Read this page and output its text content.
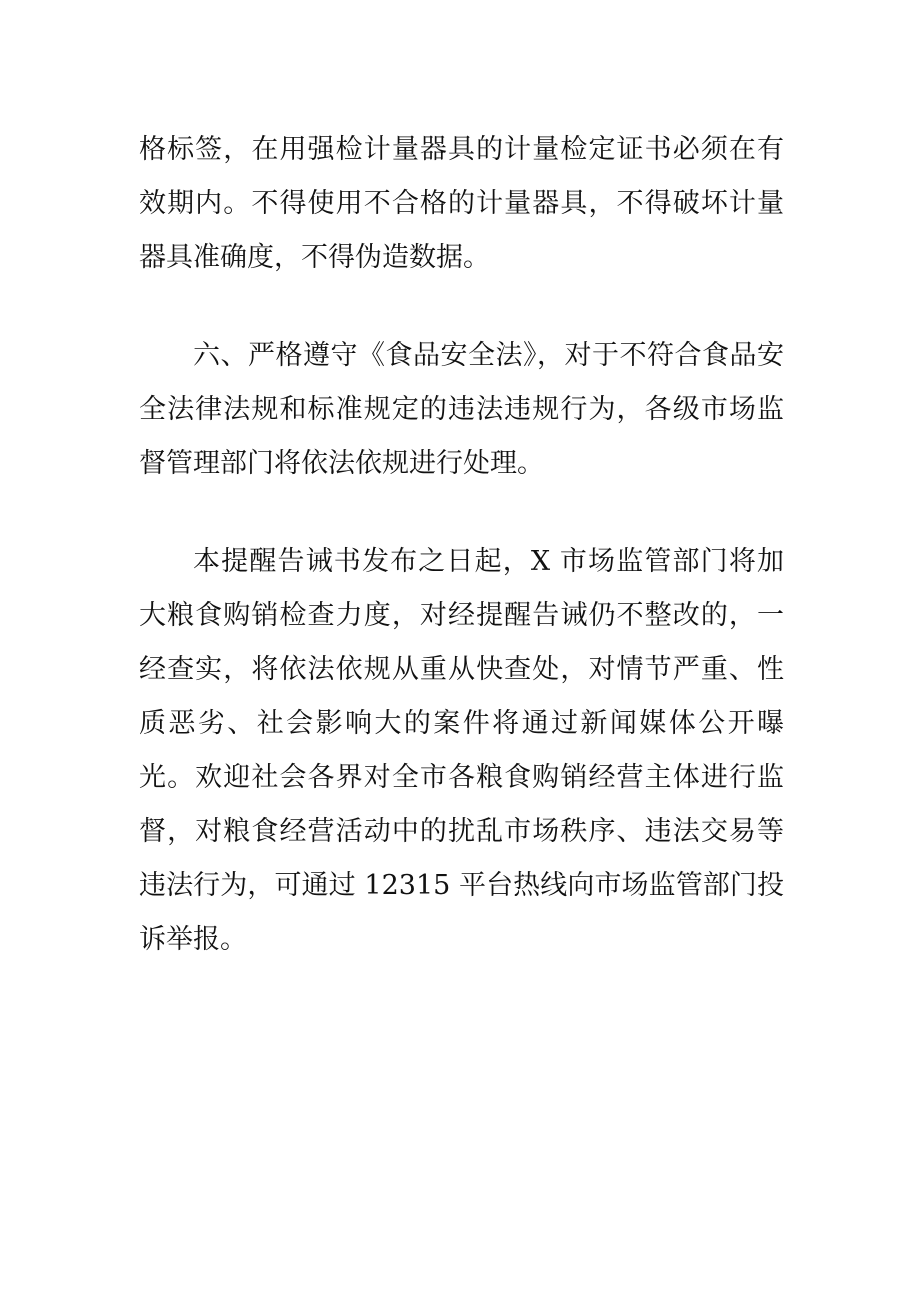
格标签，在用强检计量器具的计量检定证书必须在有效期内。不得使用不合格的计量器具，不得破坏计量器具准确度，不得伪造数据。

六、严格遵守《食品安全法》，对于不符合食品安全法律法规和标准规定的违法违规行为，各级市场监督管理部门将依法依规进行处理。

本提醒告诫书发布之日起，X 市场监管部门将加大粮食购销检查力度，对经提醒告诫仍不整改的，一经查实，将依法依规从重从快查处，对情节严重、性质恶劣、社会影响大的案件将通过新闻媒体公开曝光。欢迎社会各界对全市各粮食购销经营主体进行监督，对粮食经营活动中的扰乱市场秩序、违法交易等违法行为，可通过 12315 平台热线向市场监管部门投诉举报。
